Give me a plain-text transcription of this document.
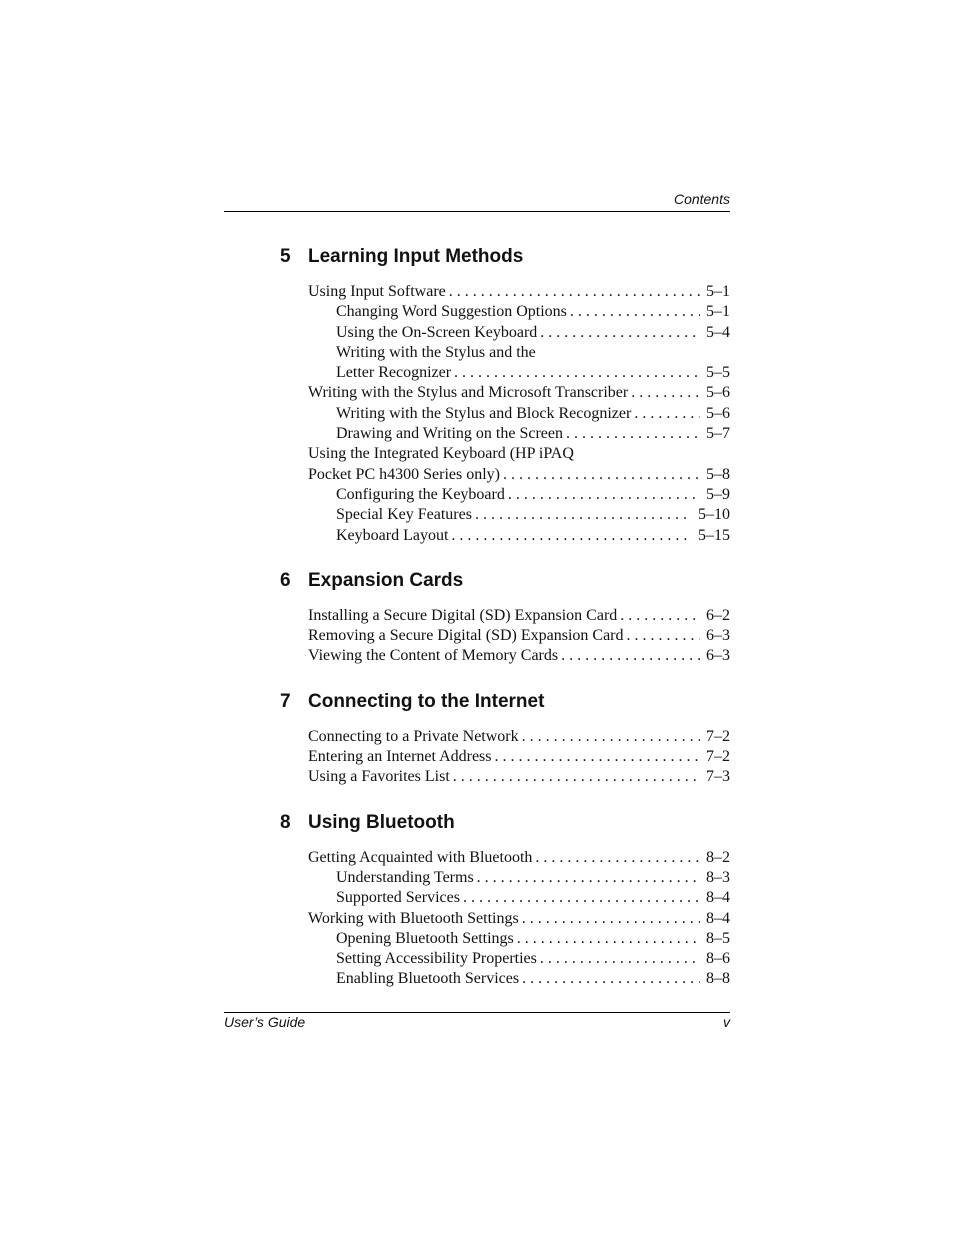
Contents
5 Learning Input Methods
Using Input Software . . .	5–1
Changing Word Suggestion Options . . .	5–1
Using the On-Screen Keyboard . . .	5–4
Writing with the Stylus and the
Letter Recognizer . . .	5–5
Writing with the Stylus and Microsoft Transcriber . . .	5–6
Writing with the Stylus and Block Recognizer . . .	5–6
Drawing and Writing on the Screen . . .	5–7
Using the Integrated Keyboard (HP iPAQ
Pocket PC h4300 Series only) . . .	5–8
Configuring the Keyboard . . .	5–9
Special Key Features . . .	5–10
Keyboard Layout . . .	5–15
6 Expansion Cards
Installing a Secure Digital (SD) Expansion Card . . .	6–2
Removing a Secure Digital (SD) Expansion Card . . .	6–3
Viewing the Content of Memory Cards . . .	6–3
7 Connecting to the Internet
Connecting to a Private Network . . .	7–2
Entering an Internet Address . . .	7–2
Using a Favorites List . . .	7–3
8 Using Bluetooth
Getting Acquainted with Bluetooth . . .	8–2
Understanding Terms . . .	8–3
Supported Services . . .	8–4
Working with Bluetooth Settings . . .	8–4
Opening Bluetooth Settings . . .	8–5
Setting Accessibility Properties . . .	8–6
Enabling Bluetooth Services . . .	8–8
User’s Guide	v
